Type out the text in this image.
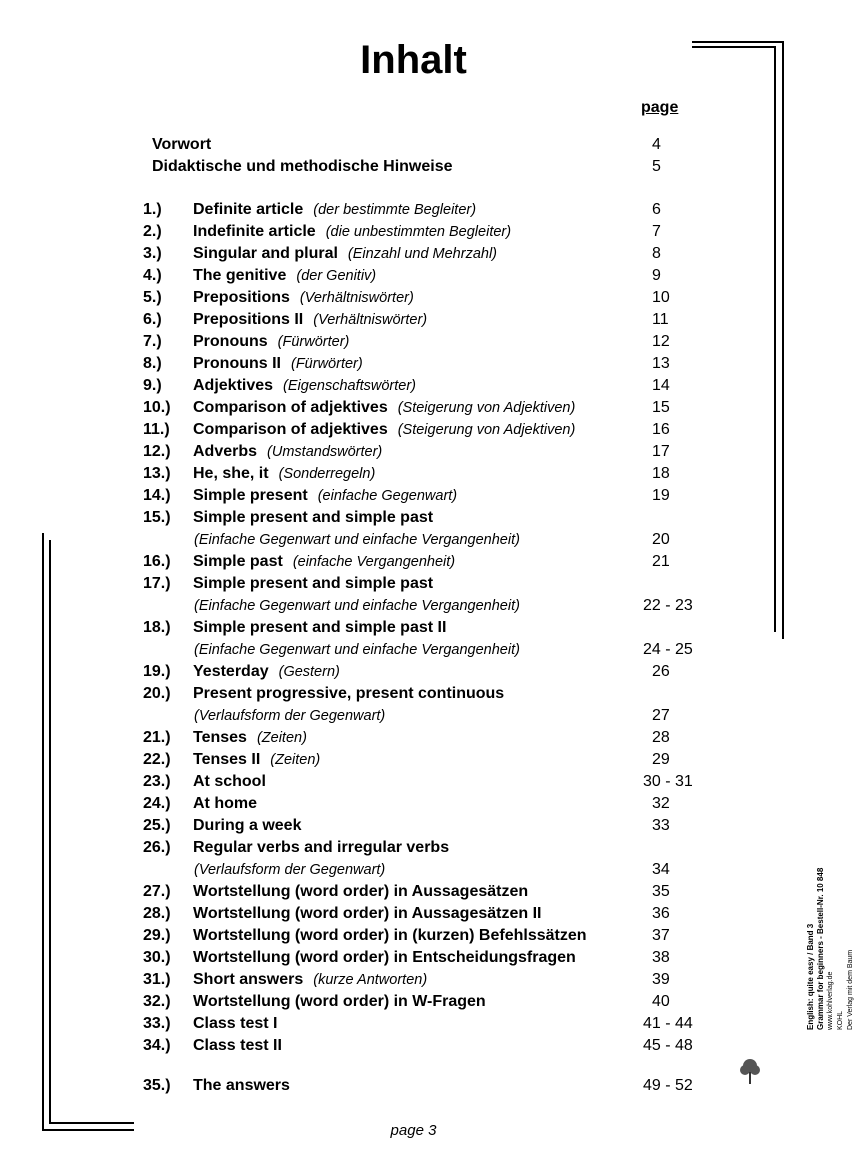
Inhalt
page
Vorwort	4
Didaktische und methodische Hinweise	5
1.) Definite article (der bestimmte Begleiter)	6
2.) Indefinite article (die unbestimmten Begleiter)	7
3.) Singular and plural (Einzahl und Mehrzahl)	8
4.) The genitive (der Genitiv)	9
5.) Prepositions (Verhältniswörter)	10
6.) Prepositions II (Verhältniswörter)	11
7.) Pronouns (Fürwörter)	12
8.) Pronouns II (Fürwörter)	13
9.) Adjektives (Eigenschaftswörter)	14
10.) Comparison of adjektives (Steigerung von Adjektiven)	15
11.) Comparison of adjektives (Steigerung von Adjektiven)	16
12.) Adverbs (Umstandswörter)	17
13.) He, she, it (Sonderregeln)	18
14.) Simple present (einfache Gegenwart)	19
15.) Simple present and simple past
(Einfache Gegenwart und einfache Vergangenheit)	20
16.) Simple past (einfache Vergangenheit)	21
17.) Simple present and simple past
(Einfache Gegenwart und einfache Vergangenheit)	22 - 23
18.) Simple present and simple past II
(Einfache Gegenwart und einfache Vergangenheit)	24 - 25
19.) Yesterday (Gestern)	26
20.) Present progressive, present continuous
(Verlaufsform der Gegenwart)	27
21.) Tenses (Zeiten)	28
22.) Tenses II (Zeiten)	29
23.) At school	30 - 31
24.) At home	32
25.) During a week	33
26.) Regular verbs and irregular verbs
(Verlaufsform der Gegenwart)	34
27.) Wortstellung (word order) in Aussagesätzen	35
28.) Wortstellung (word order) in Aussagesätzen II	36
29.) Wortstellung (word order) in (kurzen) Befehlssätzen	37
30.) Wortstellung (word order) in Entscheidungsfragen	38
31.) Short answers (kurze Antworten)	39
32.) Wortstellung (word order) in W-Fragen	40
33.) Class test I	41 - 44
34.) Class test II	45 - 48
35.) The answers	49 - 52
page 3
English: quite easy / Band 3 Grammar for beginners - Bestell-Nr. 10 848 www.kohlverlag.de KOHL Der Verlag mit dem Baum
